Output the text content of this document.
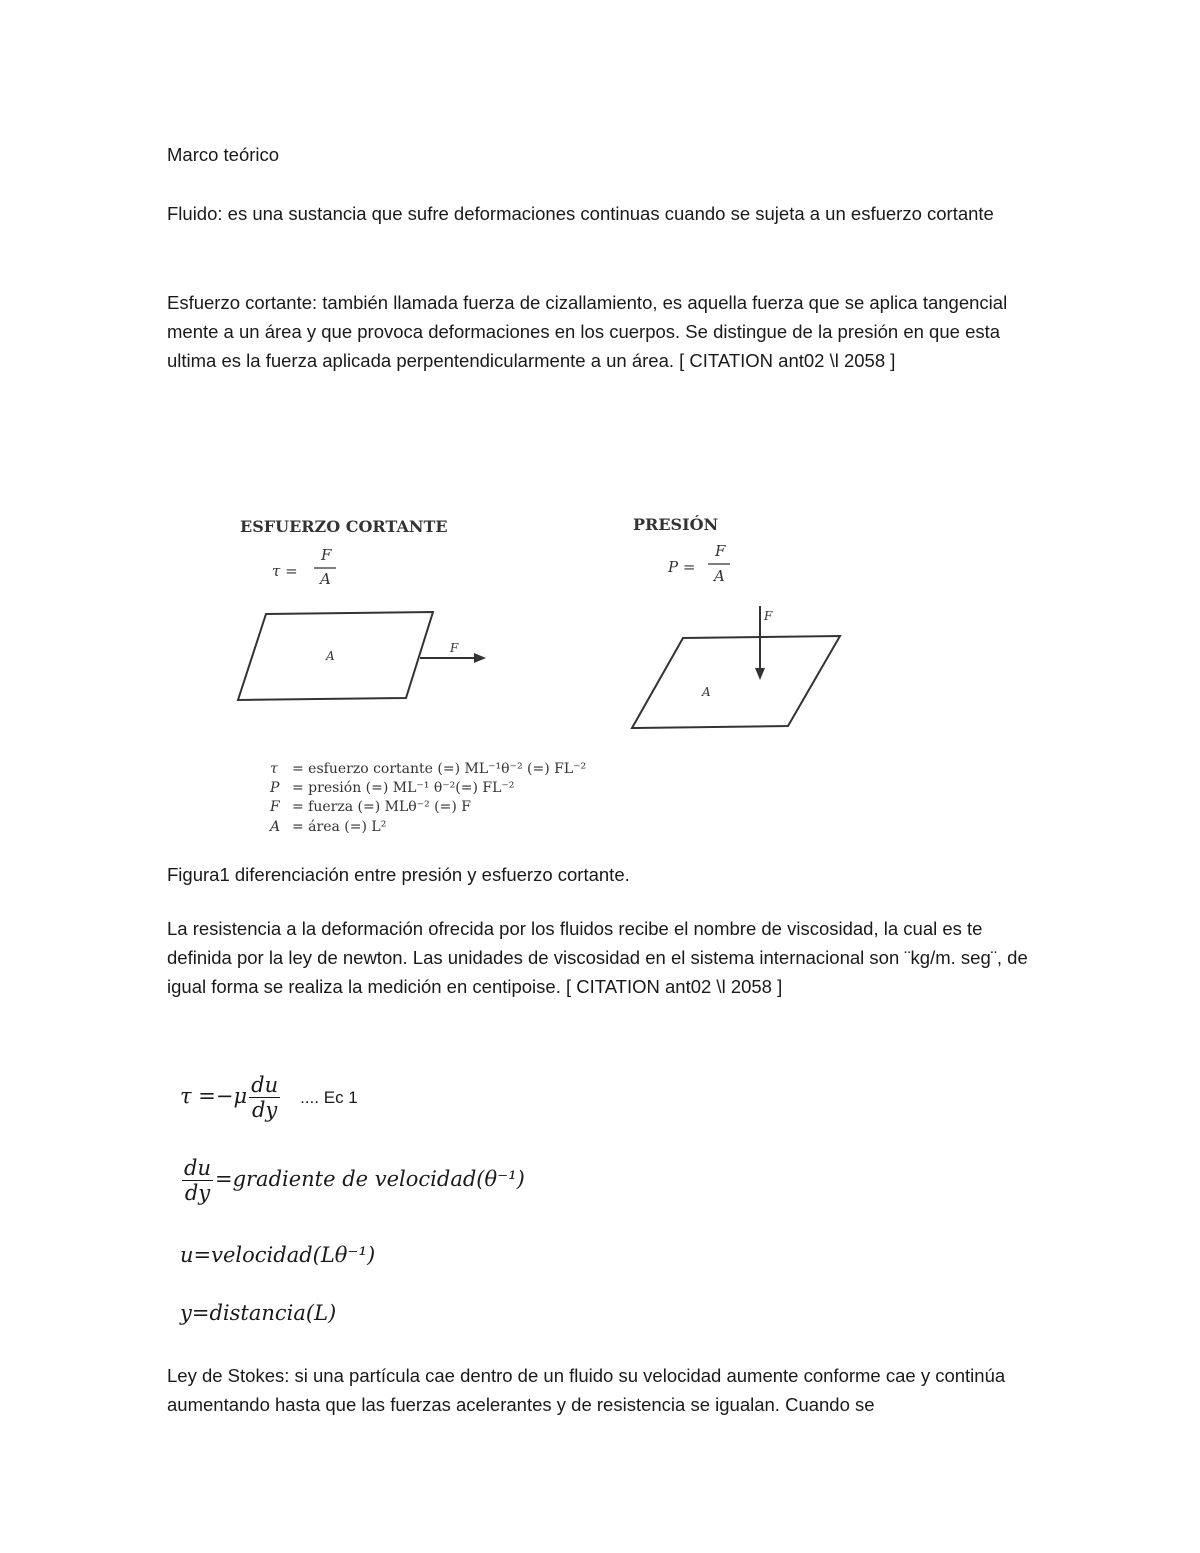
Marco teórico
Fluido: es una sustancia que sufre deformaciones continuas cuando se sujeta a un esfuerzo cortante
Esfuerzo cortante: también llamada fuerza de cizallamiento, es aquella fuerza que se aplica tangencial mente a un área y que provoca deformaciones en los cuerpos. Se distingue de la presión en que esta ultima es la fuerza aplicada perpentendicularmente a un área. [ CITATION ant02 \l 2058 ]
ESFUERZO CORTANTE	PRESIÓN
τ =
F
A
P =
F
A
A
F
A
F
τ = esfuerzo cortante (=) ML⁻¹θ⁻² (=) FL⁻²
P = presión (=) ML⁻¹ θ⁻²(=) FL⁻²
F = fuerza (=) MLθ⁻² (=) F
A = área (=) L²
Figura1 diferenciación entre presión y esfuerzo cortante.
La resistencia a la deformación ofrecida por los fluidos recibe el nombre de viscosidad, la cual es te definida por la ley de newton. Las unidades de viscosidad en el sistema internacional son ¨kg/m. seg¨, de igual forma se realiza la medición en centipoise. [ CITATION ant02 \l 2058 ]
$\tau =-\mu \frac{du}{dy}$ .... Ec 1
$\frac{du}{dy}$ =gradiente de velocidad(θ⁻¹)
u=velocidad(Lθ⁻¹)
y=distancia(L)
Ley de Stokes: si una partícula cae dentro de un fluido su velocidad aumente conforme cae y continúa aumentando hasta que las fuerzas acelerantes y de resistencia se igualan. Cuando se
